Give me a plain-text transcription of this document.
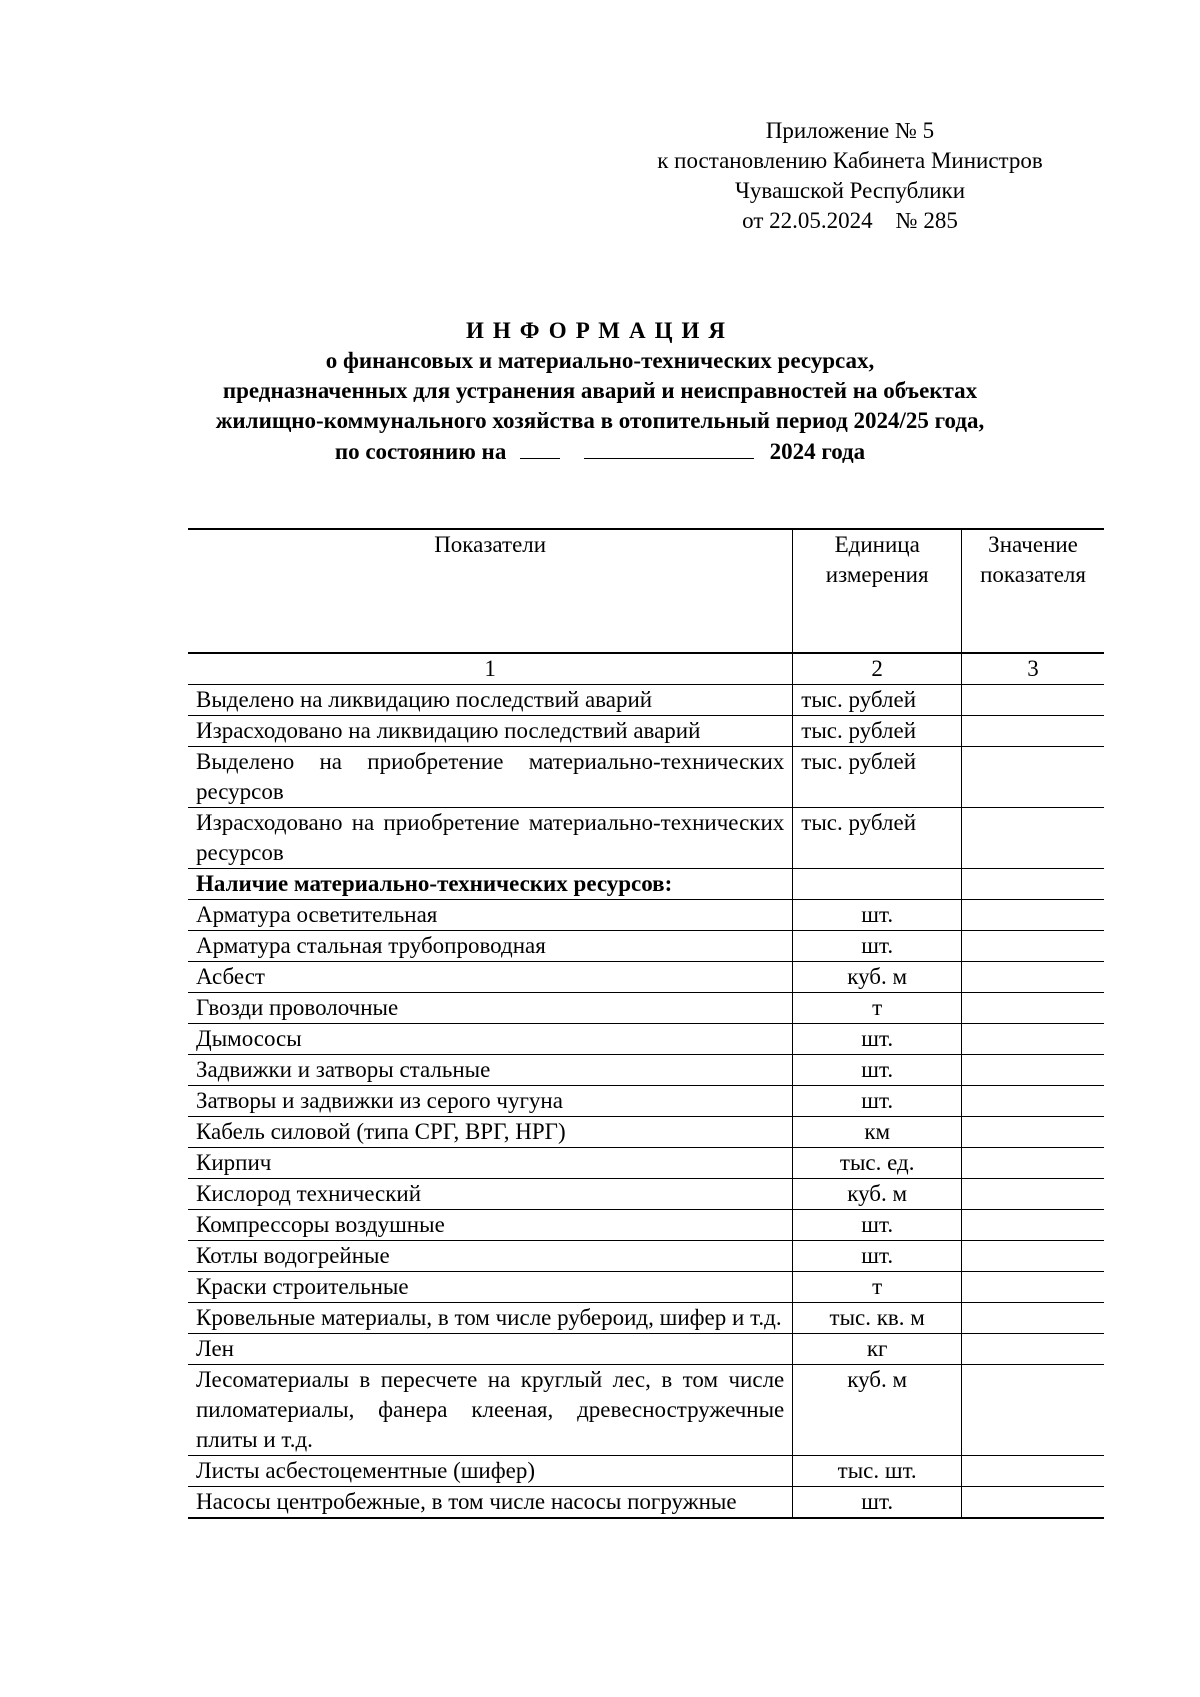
Приложение № 5
к постановлению Кабинета Министров
Чувашской Республики
от 22.05.2024    № 285
ИНФОРМАЦИЯ
о финансовых и материально-технических ресурсах,
предназначенных для устранения аварий и неисправностей на объектах
жилищно-коммунального хозяйства в отопительный период 2024/25 года,
по состоянию на	2024 года
Показатели	Единица измерения	Значение показателя
1	2	3
Выделено на ликвидацию последствий аварий	тыс. рублей	
Израсходовано на ликвидацию последствий аварий	тыс. рублей	
Выделено на приобретение материально-технических ресурсов	тыс. рублей	
Израсходовано на приобретение материально-технических ресурсов	тыс. рублей	
Наличие материально-технических ресурсов:		
Арматура осветительная	шт.	
Арматура стальная трубопроводная	шт.	
Асбест	куб. м	
Гвозди проволочные	т	
Дымососы	шт.	
Задвижки и затворы стальные	шт.	
Затворы и задвижки из серого чугуна	шт.	
Кабель силовой (типа СРГ, ВРГ, НРГ)	км	
Кирпич	тыс. ед.	
Кислород технический	куб. м	
Компрессоры воздушные	шт.	
Котлы водогрейные	шт.	
Краски строительные	т	
Кровельные материалы, в том числе рубероид, шифер и т.д.	тыс. кв. м	
Лен	кг	
Лесоматериалы в пересчете на круглый лес, в том числе пиломатериалы, фанера клееная, древесностружечные плиты и т.д.	куб. м	
Листы асбестоцементные (шифер)	тыс. шт.	
Насосы центробежные, в том числе насосы погружные	шт.	
